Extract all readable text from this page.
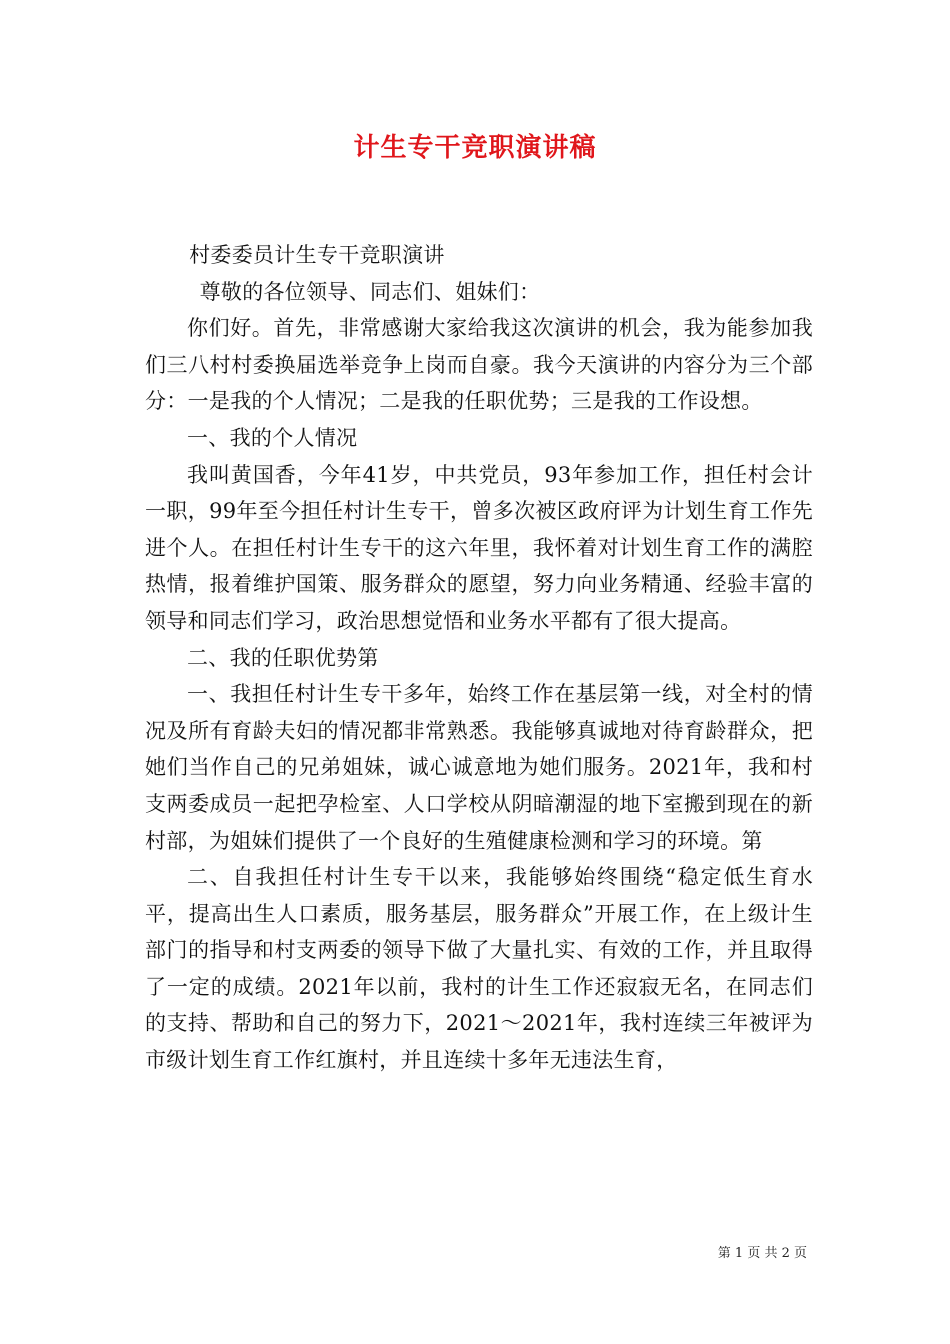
计生专干竞职演讲稿

村委委员计生专干竞职演讲

尊敬的各位领导、同志们、姐妹们：

你们好。首先，非常感谢大家给我这次演讲的机会，我为能参加我们三八村村委换届选举竞争上岗而自豪。我今天演讲的内容分为三个部分：一是我的个人情况；二是我的任职优势；三是我的工作设想。

一、我的个人情况

我叫黄国香，今年41岁，中共党员，93年参加工作，担任村会计一职，99年至今担任村计生专干，曾多次被区政府评为计划生育工作先进个人。在担任村计生专干的这六年里，我怀着对计划生育工作的满腔热情，报着维护国策、服务群众的愿望，努力向业务精通、经验丰富的领导和同志们学习，政治思想觉悟和业务水平都有了很大提高。

二、我的任职优势第

一、我担任村计生专干多年，始终工作在基层第一线，对全村的情况及所有育龄夫妇的情况都非常熟悉。我能够真诚地对待育龄群众，把她们当作自己的兄弟姐妹，诚心诚意地为她们服务。2021年，我和村支两委成员一起把孕检室、人口学校从阴暗潮湿的地下室搬到现在的新村部，为姐妹们提供了一个良好的生殖健康检测和学习的环境。第

二、自我担任村计生专干以来，我能够始终围绕“稳定低生育水平，提高出生人口素质，服务基层，服务群众”开展工作，在上级计生部门的指导和村支两委的领导下做了大量扎实、有效的工作，并且取得了一定的成绩。2021年以前，我村的计生工作还寂寂无名，在同志们的支持、帮助和自己的努力下，2021～2021年，我村连续三年被评为市级计划生育工作红旗村，并且连续十多年无违法生育，

第 1 页 共 2 页
